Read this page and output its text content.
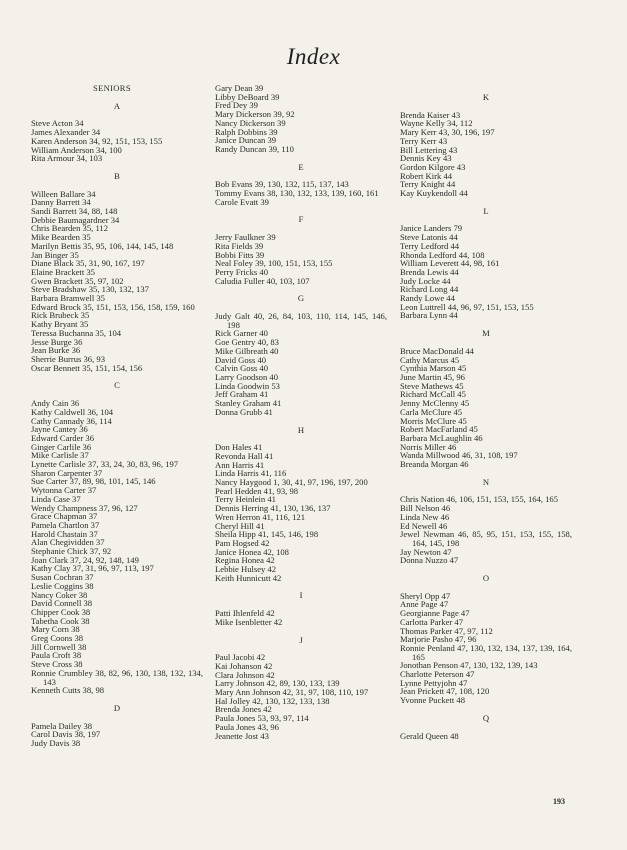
Index
SENIORS
A
Steve Acton 34
James Alexander 34
Karen Anderson 34, 92, 151, 153, 155
William Anderson 34, 100
Rita Armour 34, 103
B
Willeen Ballare 34
Danny Barrett 34
Sandi Barrett 34, 88, 148
Debbie Baumagardner 34
Chris Bearden 35, 112
Mike Bearden 35
Marilyn Bettis 35, 95, 106, 144, 145, 148
Jan Binger 35
Diane Black 35, 31, 90, 167, 197
Elaine Brackett 35
Gwen Brackett 35, 97, 102
Steve Bradshaw 35, 130, 132, 137
Barbara Bramwell 35
Edward Brock 35, 151, 153, 156, 158, 159, 160
Rick Brubeck 35
Kathy Bryant 35
Teressa Buchanna 35, 104
Jesse Burge 36
Jean Burke 36
Sherrie Burrus 36, 93
Oscar Bennett 35, 151, 154, 156
C
Andy Cain 36
Kathy Caldwell 36, 104
Cathy Cannady 36, 114
Jayne Cantey 36
Edward Carder 36
Ginger Carlile 36
Mike Carlisle 37
Lynette Carlisle 37, 33, 24, 30, 83, 96, 197
Sharon Carpenter 37
Sue Carter 37, 89, 98, 101, 145, 146
Wytonna Carter 37
Linda Case 37
Wendy Champness 37, 96, 127
Grace Chapman 37
Pamela Chartlon 37
Harold Chastain 37
Alan Chegividden 37
Stephanie Chick 37, 92
Joan Clark 37, 24, 92, 148, 149
Kathy Clay 37, 31, 96, 97, 113, 197
Susan Cochran 37
Leslie Coggins 38
Nancy Coker 38
David Connell 38
Chipper Cook 38
Tabetha Cook 38
Mary Corn 38
Greg Coons 38
Jill Cornwell 38
Paula Croft 38
Steve Cross 38
Ronnie Crumbley 38, 82, 96, 130, 138, 132, 134, 143
Kenneth Cutts 38, 98
D
Pamela Dailey 38
Carol Davis 38, 197
Judy Davis 38
Gary Dean 39
Libby DeBoard 39
Fred Dey 39
Mary Dickerson 39, 92
Nancy Dickerson 39
Ralph Dobbins 39
Janice Duncan 39
Randy Duncan 39, 110
E
Bob Evans 39, 130, 132, 115, 137, 143
Tommy Evans 38, 130, 132, 133, 139, 160, 161
Carole Evatt 39
F
Jerry Faulkner 39
Rita Fields 39
Bobbi Fitts 39
Neal Foley 39, 100, 151, 153, 155
Perry Fricks 40
Caludia Fuller 40, 103, 107
G
Judy Galt 40, 26, 84, 103, 110, 114, 145, 146, 198
Rick Garner 40
Goe Gentry 40, 83
Mike Gilbreath 40
David Goss 40
Calvin Goss 40
Larry Goodson 40
Linda Goodwin 53
Jeff Graham 41
Stanley Graham 41
Donna Grubb 41
H
Don Hales 41
Revonda Hall 41
Ann Harris 41
Linda Harris 41, 116
Nancy Haygood 1, 30, 41, 97, 196, 197, 200
Pearl Hedden 41, 93, 98
Terry Heinlein 41
Dennis Herring 41, 130, 136, 137
Wren Herron 41, 116, 121
Cheryl Hill 41
Sheila Hipp 41, 145, 146, 198
Pam Hogsed 42
Janice Honea 42, 108
Regina Honea 42
Lebbie Hulsey 42
Keith Hunnicutt 42
I
Patti Ihlenfeld 42
Mike Isenbletter 42
J
Paul Jacobi 42
Kai Johanson 42
Clara Johnson 42
Larry Johnson 42, 89, 130, 133, 139
Mary Ann Johnson 42, 31, 97, 108, 110, 197
Hal Jolley 42, 130, 132, 133, 138
Brenda Jones 42
Paula Jones 53, 93, 97, 114
Paula Jones 43, 96
Jeanette Jost 43
K
Brenda Kaiser 43
Wayne Kelly 34, 112
Mary Kerr 43, 30, 196, 197
Terry Kerr 43
Bill Lettering 43
Dennis Key 43
Gordon Kilgore 43
Robert Kirk 44
Terry Knight 44
Kay Kuykendoll 44
L
Janice Landers 79
Steve Latonis 44
Terry Ledford 44
Rhonda Ledford 44, 108
William Leverett 44, 98, 161
Brenda Lewis 44
Judy Locke 44
Richard Long 44
Randy Lowe 44
Leon Luttrell 44, 96, 97, 151, 153, 155
Barbara Lynn 44
M
Bruce MacDonald 44
Cathy Marcus 45
Cynthia Marson 45
June Martin 45, 96
Steve Mathews 45
Richard McCall 45
Jenny McClenny 45
Carla McClure 45
Morris McClure 45
Robert MacFarland 45
Barbara McLaughlin 46
Norris Miller 46
Wanda Millwood 46, 31, 108, 197
Breanda Morgan 46
N
Chris Nation 46, 106, 151, 153, 155, 164, 165
Bill Nelson 46
Linda New 46
Ed Newell 46
Jewel Newman 46, 85, 95, 151, 153, 155, 158, 164, 145, 198
Jay Newton 47
Donna Nuzzo 47
O
Sheryl Opp 47
Anne Page 47
Georgianne Page 47
Carlotta Parker 47
Thomas Parker 47, 97, 112
Marjorie Pasho 47, 96
Ronnie Penland 47, 130, 132, 134, 137, 139, 164, 165
Jonothan Penson 47, 130, 132, 139, 143
Charlotte Peterson 47
Lynne Pettyjohn 47
Jean Prickett 47, 108, 120
Yvonne Puckett 48
Q
Gerald Queen 48
193
